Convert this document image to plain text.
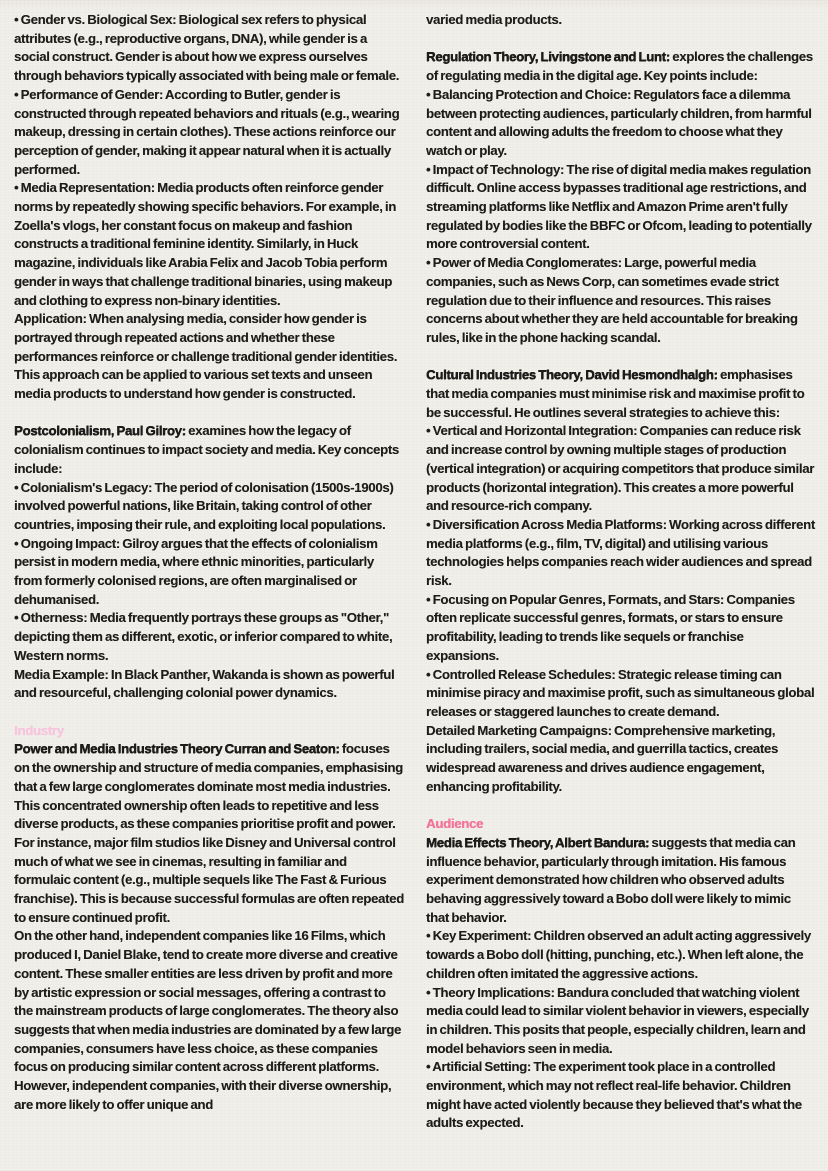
• Gender vs. Biological Sex: Biological sex refers to physical attributes (e.g., reproductive organs, DNA), while gender is a social construct. Gender is about how we express ourselves through behaviors typically associated with being male or female.
• Performance of Gender: According to Butler, gender is constructed through repeated behaviors and rituals (e.g., wearing makeup, dressing in certain clothes). These actions reinforce our perception of gender, making it appear natural when it is actually performed.
• Media Representation: Media products often reinforce gender norms by repeatedly showing specific behaviors. For example, in Zoella's vlogs, her constant focus on makeup and fashion constructs a traditional feminine identity. Similarly, in Huck magazine, individuals like Arabia Felix and Jacob Tobia perform gender in ways that challenge traditional binaries, using makeup and clothing to express non-binary identities.
Application: When analysing media, consider how gender is portrayed through repeated actions and whether these performances reinforce or challenge traditional gender identities. This approach can be applied to various set texts and unseen media products to understand how gender is constructed.
Postcolonialism, Paul Gilroy: examines how the legacy of colonialism continues to impact society and media. Key concepts include:
• Colonialism's Legacy: The period of colonisation (1500s-1900s) involved powerful nations, like Britain, taking control of other countries, imposing their rule, and exploiting local populations.
• Ongoing Impact: Gilroy argues that the effects of colonialism persist in modern media, where ethnic minorities, particularly from formerly colonised regions, are often marginalised or dehumanised.
• Otherness: Media frequently portrays these groups as "Other," depicting them as different, exotic, or inferior compared to white, Western norms.
Media Example: In Black Panther, Wakanda is shown as powerful and resourceful, challenging colonial power dynamics.
Industry
Power and Media Industries Theory Curran and Seaton: focuses on the ownership and structure of media companies, emphasising that a few large conglomerates dominate most media industries. This concentrated ownership often leads to repetitive and less diverse products, as these companies prioritise profit and power.
For instance, major film studios like Disney and Universal control much of what we see in cinemas, resulting in familiar and formulaic content (e.g., multiple sequels like The Fast & Furious franchise). This is because successful formulas are often repeated to ensure continued profit.
On the other hand, independent companies like 16 Films, which produced I, Daniel Blake, tend to create more diverse and creative content. These smaller entities are less driven by profit and more by artistic expression or social messages, offering a contrast to the mainstream products of large conglomerates. The theory also suggests that when media industries are dominated by a few large companies, consumers have less choice, as these companies focus on producing similar content across different platforms. However, independent companies, with their diverse ownership, are more likely to offer unique and
varied media products.
Regulation Theory, Livingstone and Lunt: explores the challenges of regulating media in the digital age. Key points include:
• Balancing Protection and Choice: Regulators face a dilemma between protecting audiences, particularly children, from harmful content and allowing adults the freedom to choose what they watch or play.
• Impact of Technology: The rise of digital media makes regulation difficult. Online access bypasses traditional age restrictions, and streaming platforms like Netflix and Amazon Prime aren't fully regulated by bodies like the BBFC or Ofcom, leading to potentially more controversial content.
• Power of Media Conglomerates: Large, powerful media companies, such as News Corp, can sometimes evade strict regulation due to their influence and resources. This raises concerns about whether they are held accountable for breaking rules, like in the phone hacking scandal.
Cultural Industries Theory, David Hesmondhalgh: emphasises that media companies must minimise risk and maximise profit to be successful. He outlines several strategies to achieve this:
• Vertical and Horizontal Integration: Companies can reduce risk and increase control by owning multiple stages of production (vertical integration) or acquiring competitors that produce similar products (horizontal integration). This creates a more powerful and resource-rich company.
• Diversification Across Media Platforms: Working across different media platforms (e.g., film, TV, digital) and utilising various technologies helps companies reach wider audiences and spread risk.
• Focusing on Popular Genres, Formats, and Stars: Companies often replicate successful genres, formats, or stars to ensure profitability, leading to trends like sequels or franchise expansions.
• Controlled Release Schedules: Strategic release timing can minimise piracy and maximise profit, such as simultaneous global releases or staggered launches to create demand.
Detailed Marketing Campaigns: Comprehensive marketing, including trailers, social media, and guerrilla tactics, creates widespread awareness and drives audience engagement, enhancing profitability.
Audience
Media Effects Theory, Albert Bandura: suggests that media can influence behavior, particularly through imitation. His famous experiment demonstrated how children who observed adults behaving aggressively toward a Bobo doll were likely to mimic that behavior.
• Key Experiment: Children observed an adult acting aggressively towards a Bobo doll (hitting, punching, etc.). When left alone, the children often imitated the aggressive actions.
• Theory Implications: Bandura concluded that watching violent media could lead to similar violent behavior in viewers, especially in children. This posits that people, especially children, learn and model behaviors seen in media.
• Artificial Setting: The experiment took place in a controlled environment, which may not reflect real-life behavior. Children might have acted violently because they believed that's what the adults expected.
